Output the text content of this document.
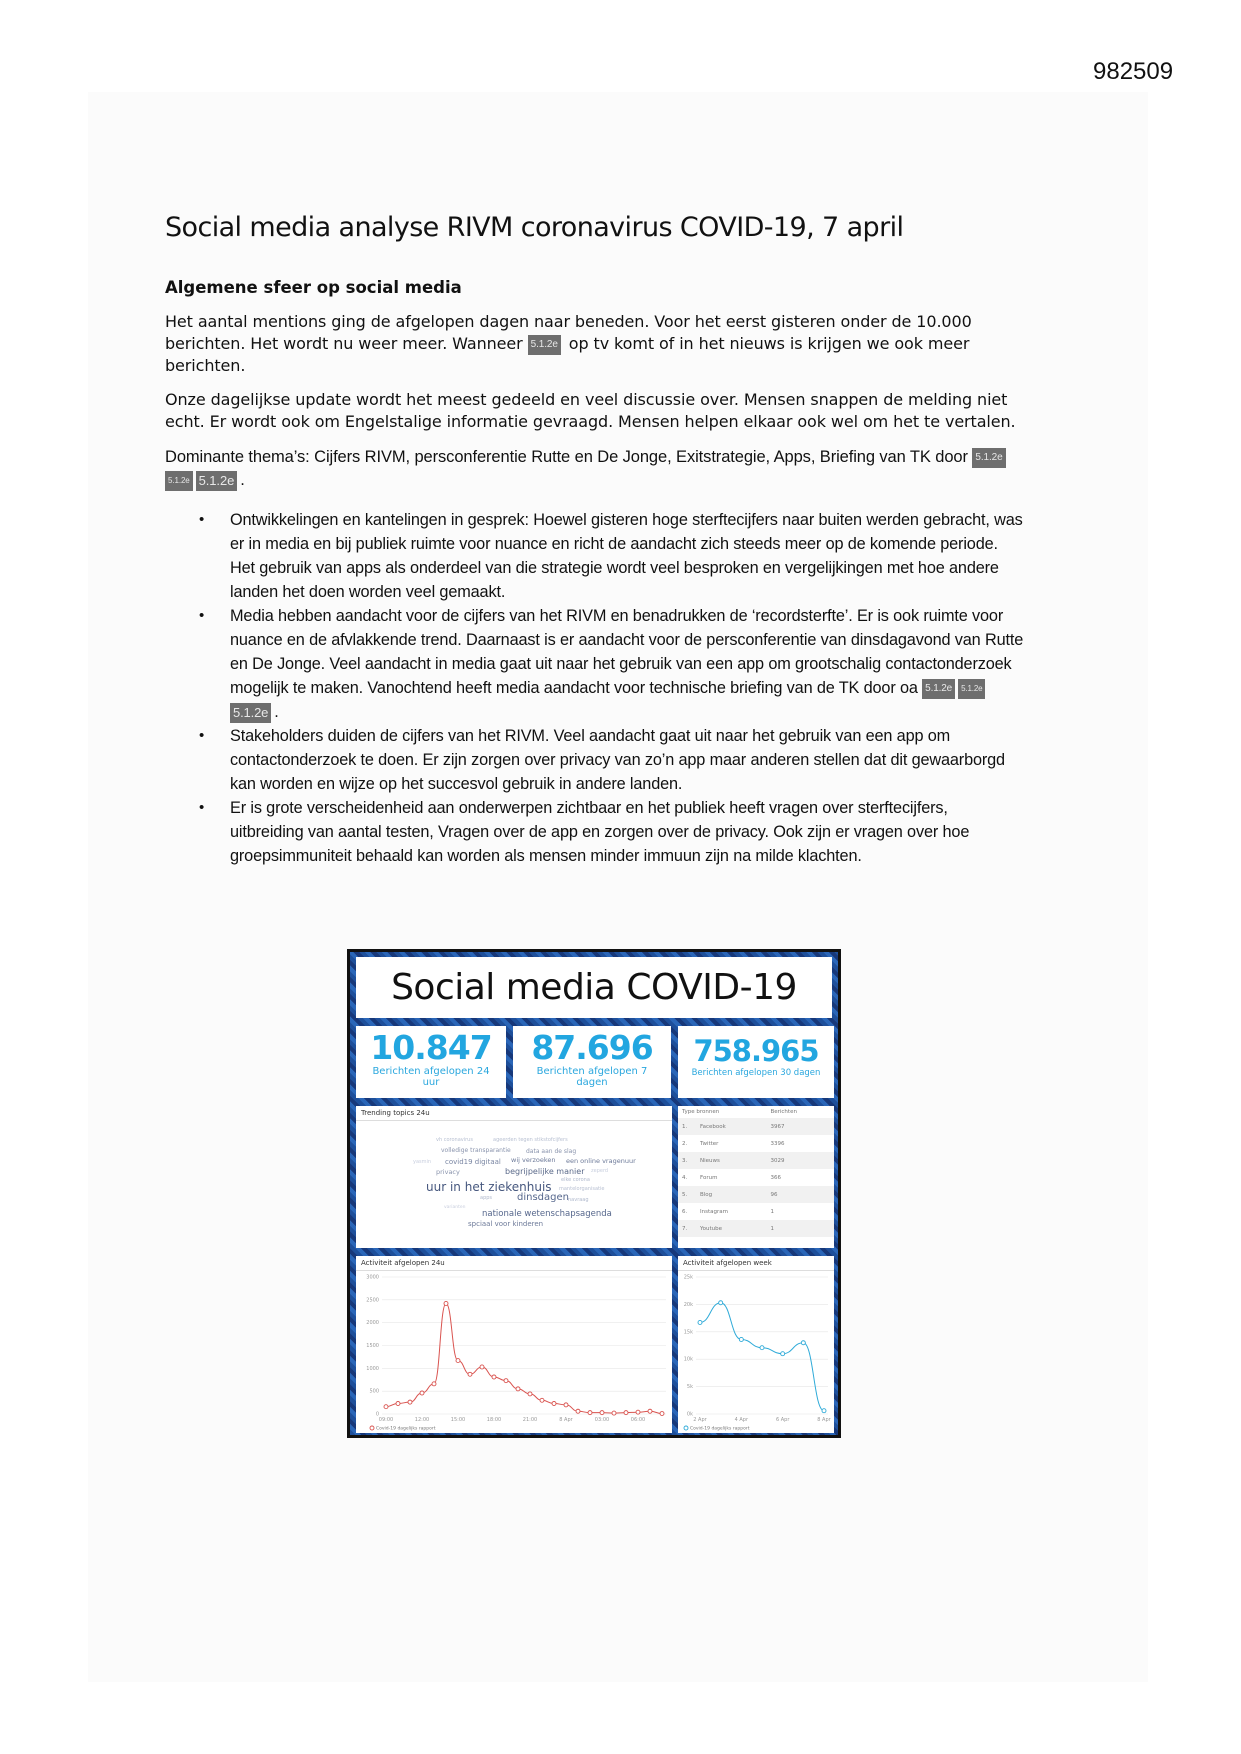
982509
Social media analyse RIVM coronavirus COVID-19, 7 april
Algemene sfeer op social media

Het aantal mentions ging de afgelopen dagen naar beneden. Voor het eerst gisteren onder de 10.000 berichten. Het wordt nu weer meer. Wanneer 5.1.2e op tv komt of in het nieuws is krijgen we ook meer berichten.

Onze dagelijkse update wordt het meest gedeeld en veel discussie over. Mensen snappen de melding niet echt. Er wordt ook om Engelstalige informatie gevraagd. Mensen helpen elkaar ook wel om het te vertalen.

Dominante thema’s: Cijfers RIVM, persconferentie Rutte en De Jonge, Exitstrategie, Apps, Briefing van TK door 5.1.2e5.1.2e 5.1.2e .

• Ontwikkelingen en kantelingen in gesprek: Hoewel gisteren hoge sterftecijfers naar buiten werden gebracht, was er in media en bij publiek ruimte voor nuance en richt de aandacht zich steeds meer op de komende periode. Het gebruik van apps als onderdeel van die strategie wordt veel besproken en vergelijkingen met hoe andere landen het doen worden veel gemaakt.
• Media hebben aandacht voor de cijfers van het RIVM en benadrukken de ‘recordsterfte’. Er is ook ruimte voor nuance en de afvlakkende trend. Daarnaast is er aandacht voor de persconferentie van dinsdagavond van Rutte en De Jonge. Veel aandacht in media gaat uit naar het gebruik van een app om grootschalig contactonderzoek mogelijk te maken. Vanochtend heeft media aandacht voor technische briefing van de TK door oa 5.1.2e 5.1.2e5.1.2e .
• Stakeholders duiden de cijfers van het RIVM. Veel aandacht gaat uit naar het gebruik van een app om contactonderzoek te doen. Er zijn zorgen over privacy van zo’n app maar anderen stellen dat dit gewaarborgd kan worden en wijze op het succesvol gebruik in andere landen.
• Er is grote verscheidenheid aan onderwerpen zichtbaar en het publiek heeft vragen over sterftecijfers, uitbreiding van aantal testen, Vragen over de app en zorgen over de privacy. Ook zijn er vragen over hoe groepsimmuniteit behaald kan worden als mensen minder immuun zijn na milde klachten.
Social media COVID-19
10.847
Berichten afgelopen 24 uur
87.696
Berichten afgelopen 7 dagen
758.965
Berichten afgelopen 30 dagen
Trending topics 24u
vh coronavirus	ageerden tegen stikstofcijfers
volledige transparantie	data aan de slag
yasmin covid19 digitaal wij verzoeken een online vragenuur
begrijpelijke manier zeperd
privacy
elke corona
uur in het ziekenhuis mantelorganisatie
apps dinsdagen navraag
varianten
nationale wetenschapsagenda
spciaal voor kinderen
Type bronnen		Berichten
1.	Facebook	3967
2.	Twitter	3396
3.	Nieuws	3029
4.	Forum	366
5.	Blog	96
6.	Instagram	1
7.	Youtube	1
Activiteit afgelopen 24u
0
500
1000
1500
2000
2500
3000
09:00	12:00	15:00	18:00	21:00	8 Apr	03:00	06:00
Covid-19 dagelijks rapport
Activiteit afgelopen week
0k
5k
10k
15k
20k
25k
2 Apr	4 Apr	6 Apr	8 Apr
Covid-19 dagelijks rapport
